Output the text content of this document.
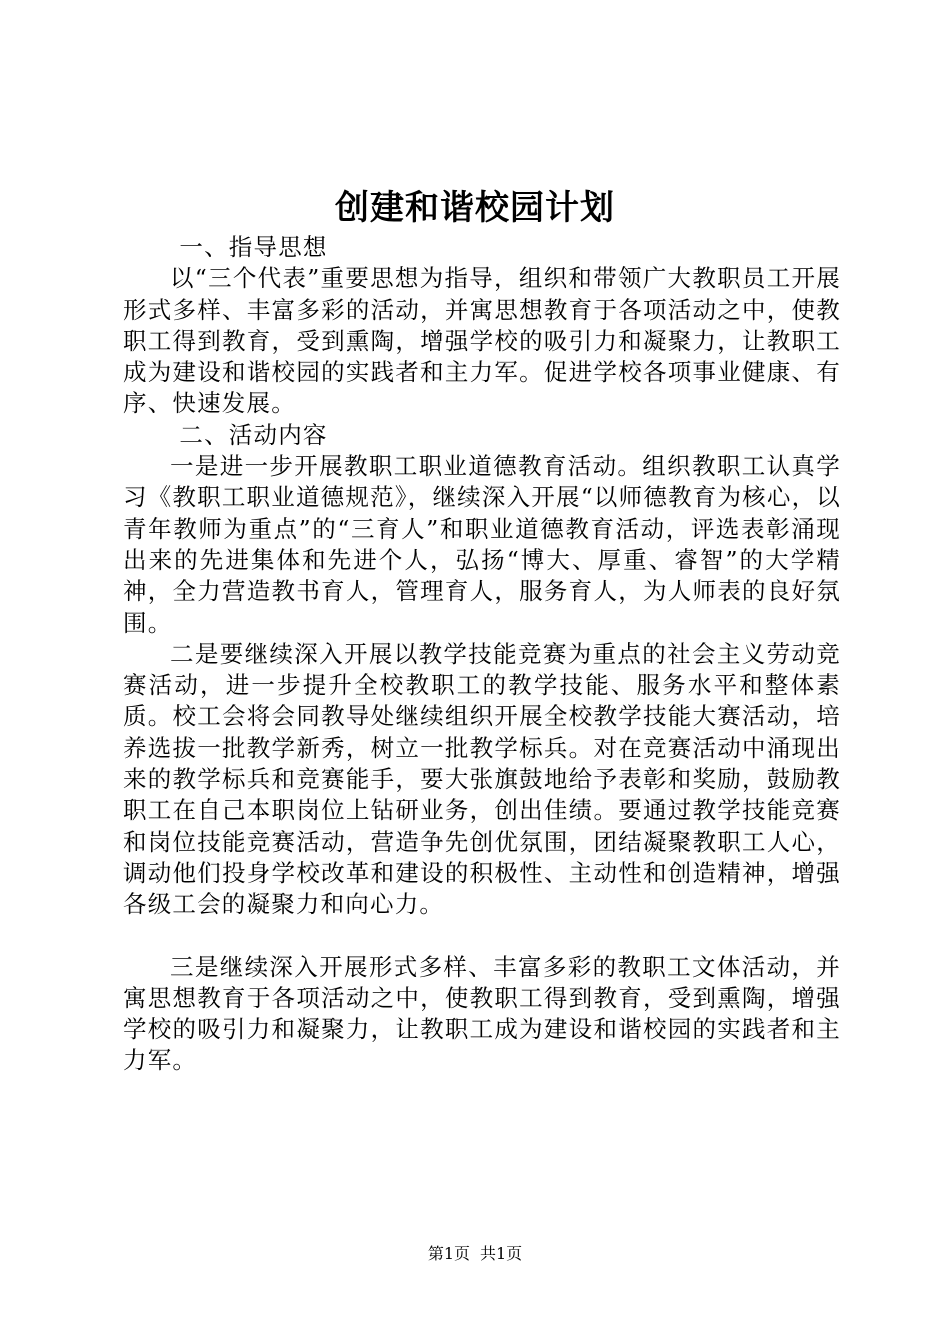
创建和谐校园计划

一、指导思想

以“三个代表”重要思想为指导，组织和带领广大教职员工开展形式多样、丰富多彩的活动，并寓思想教育于各项活动之中，使教职工得到教育，受到熏陶，增强学校的吸引力和凝聚力，让教职工成为建设和谐校园的实践者和主力军。促进学校各项事业健康、有序、快速发展。

二、活动内容

一是进一步开展教职工职业道德教育活动。组织教职工认真学习《教职工职业道德规范》，继续深入开展“以师德教育为核心，以青年教师为重点”的“三育人”和职业道德教育活动，评选表彰涌现出来的先进集体和先进个人，弘扬“博大、厚重、睿智”的大学精神，全力营造教书育人，管理育人，服务育人，为人师表的良好氛围。

二是要继续深入开展以教学技能竞赛为重点的社会主义劳动竞赛活动，进一步提升全校教职工的教学技能、服务水平和整体素质。校工会将会同教导处继续组织开展全校教学技能大赛活动，培养选拔一批教学新秀，树立一批教学标兵。对在竞赛活动中涌现出来的教学标兵和竞赛能手，要大张旗鼓地给予表彰和奖励，鼓励教职工在自己本职岗位上钻研业务，创出佳绩。要通过教学技能竞赛和岗位技能竞赛活动，营造争先创优氛围，团结凝聚教职工人心，调动他们投身学校改革和建设的积极性、主动性和创造精神，增强各级工会的凝聚力和向心力。

三是继续深入开展形式多样、丰富多彩的教职工文体活动，并寓思想教育于各项活动之中，使教职工得到教育，受到熏陶，增强学校的吸引力和凝聚力，让教职工成为建设和谐校园的实践者和主力军。

第1页 共1页
